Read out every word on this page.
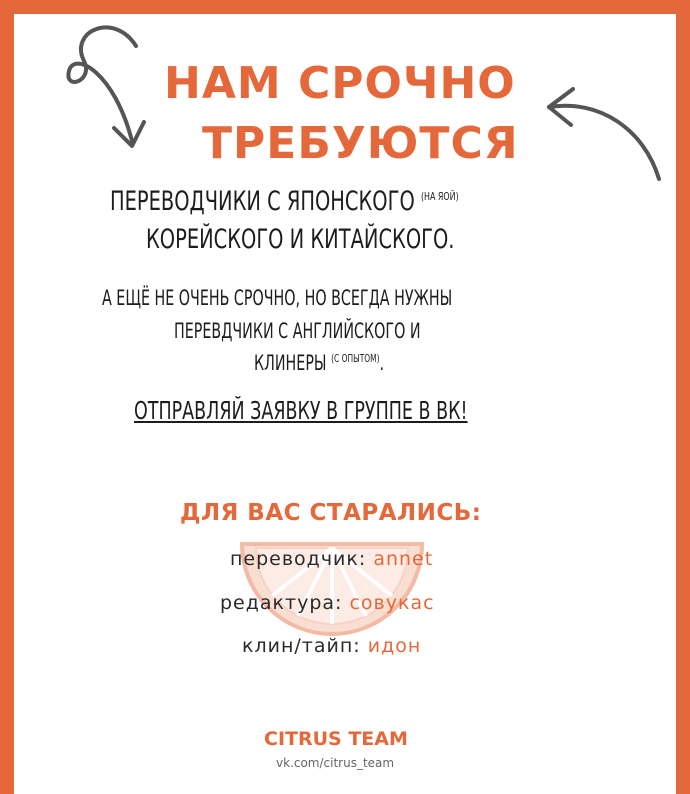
НАМ СРОЧНО
ТРЕБУЮТСЯ
ПЕРЕВОДЧИКИ С ЯПОНСКОГО $^{(НА ЯОЙ)}$
КОРЕЙСКОГО И КИТАЙСКОГО.
А ЕЩЁ НЕ ОЧЕНЬ СРОЧНО, НО ВСЕГДА НУЖНЫ
ПЕРЕВДЧИКИ С АНГЛИЙСКОГО И
КЛИНЕРЫ $^{(С ОПЫТОМ)}$.
ОТПРАВЛЯЙ ЗАЯВКУ В ГРУППЕ В ВК!
ДЛЯ ВАС СТАРАЛИСЬ:
переводчик: annet
редактура: совукас
клин/тайп: идон
CITRUS TEAM
vk.com/citrus_team
